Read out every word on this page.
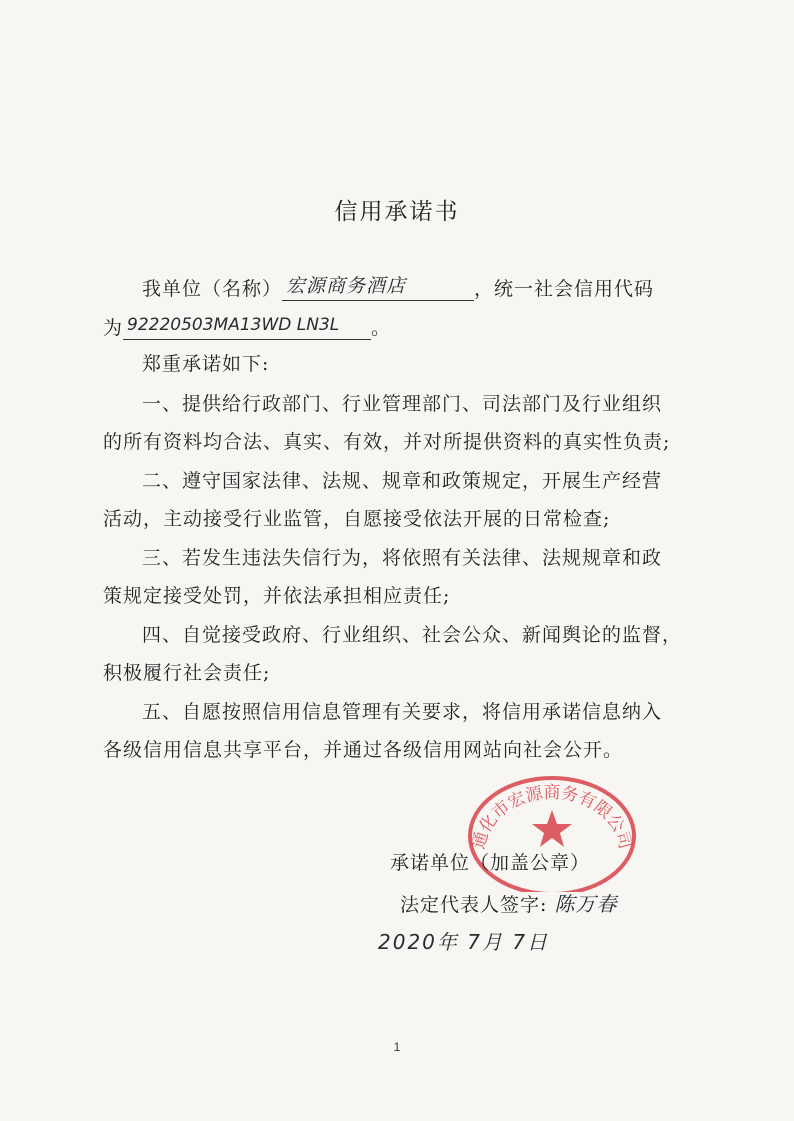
信用承诺书
我单位（名称） 宏源商务酒店	，统一社会信用代码
为 92220503MA13WD LN3L 。
郑重承诺如下:
一、提供给行政部门、行业管理部门、司法部门及行业组织
的所有资料均合法、真实、有效，并对所提供资料的真实性负责;
二、遵守国家法律、法规、规章和政策规定，开展生产经营
活动，主动接受行业监管，自愿接受依法开展的日常检查;
三、若发生违法失信行为，将依照有关法律、法规规章和政
策规定接受处罚，并依法承担相应责任;
四、自觉接受政府、行业组织、社会公众、新闻舆论的监督，
积极履行社会责任;
五、自愿按照信用信息管理有关要求，将信用承诺信息纳入
各级信用信息共享平台，并通过各级信用网站向社会公开。
通化市宏源商务有限公司
承诺单位（加盖公章）
法定代表人签字: 陈万春
2020年 7月 7日
1
